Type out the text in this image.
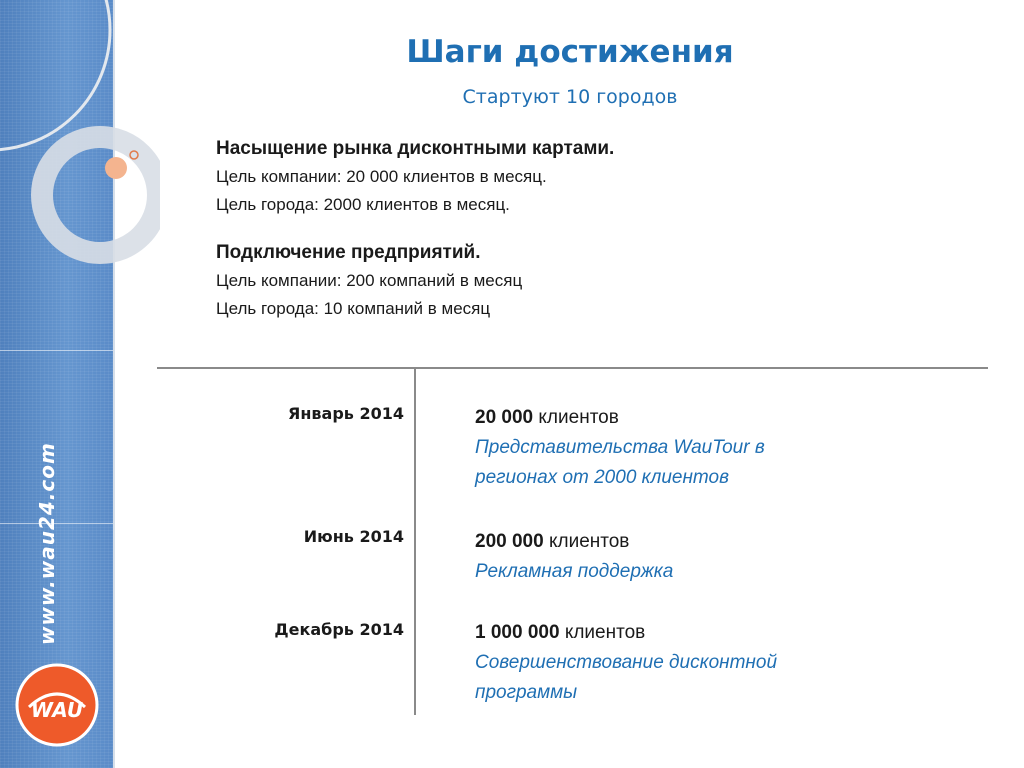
www.wau24.com
WAU
Шаги достижения
Стартуют 10 городов
Насыщение рынка дисконтными картами.
Цель компании: 20 000 клиентов в месяц.
Цель города: 2000 клиентов в месяц.
Подключение предприятий.
Цель компании: 200 компаний в месяц
Цель города: 10 компаний в месяц
Январь 2014
Июнь 2014
Декабрь 2014
20 000 клиентов
Представительства WauTour в
регионах от 2000 клиентов
200 000 клиентов
Рекламная поддержка
1 000 000 клиентов
Совершенствование дисконтной
программы
